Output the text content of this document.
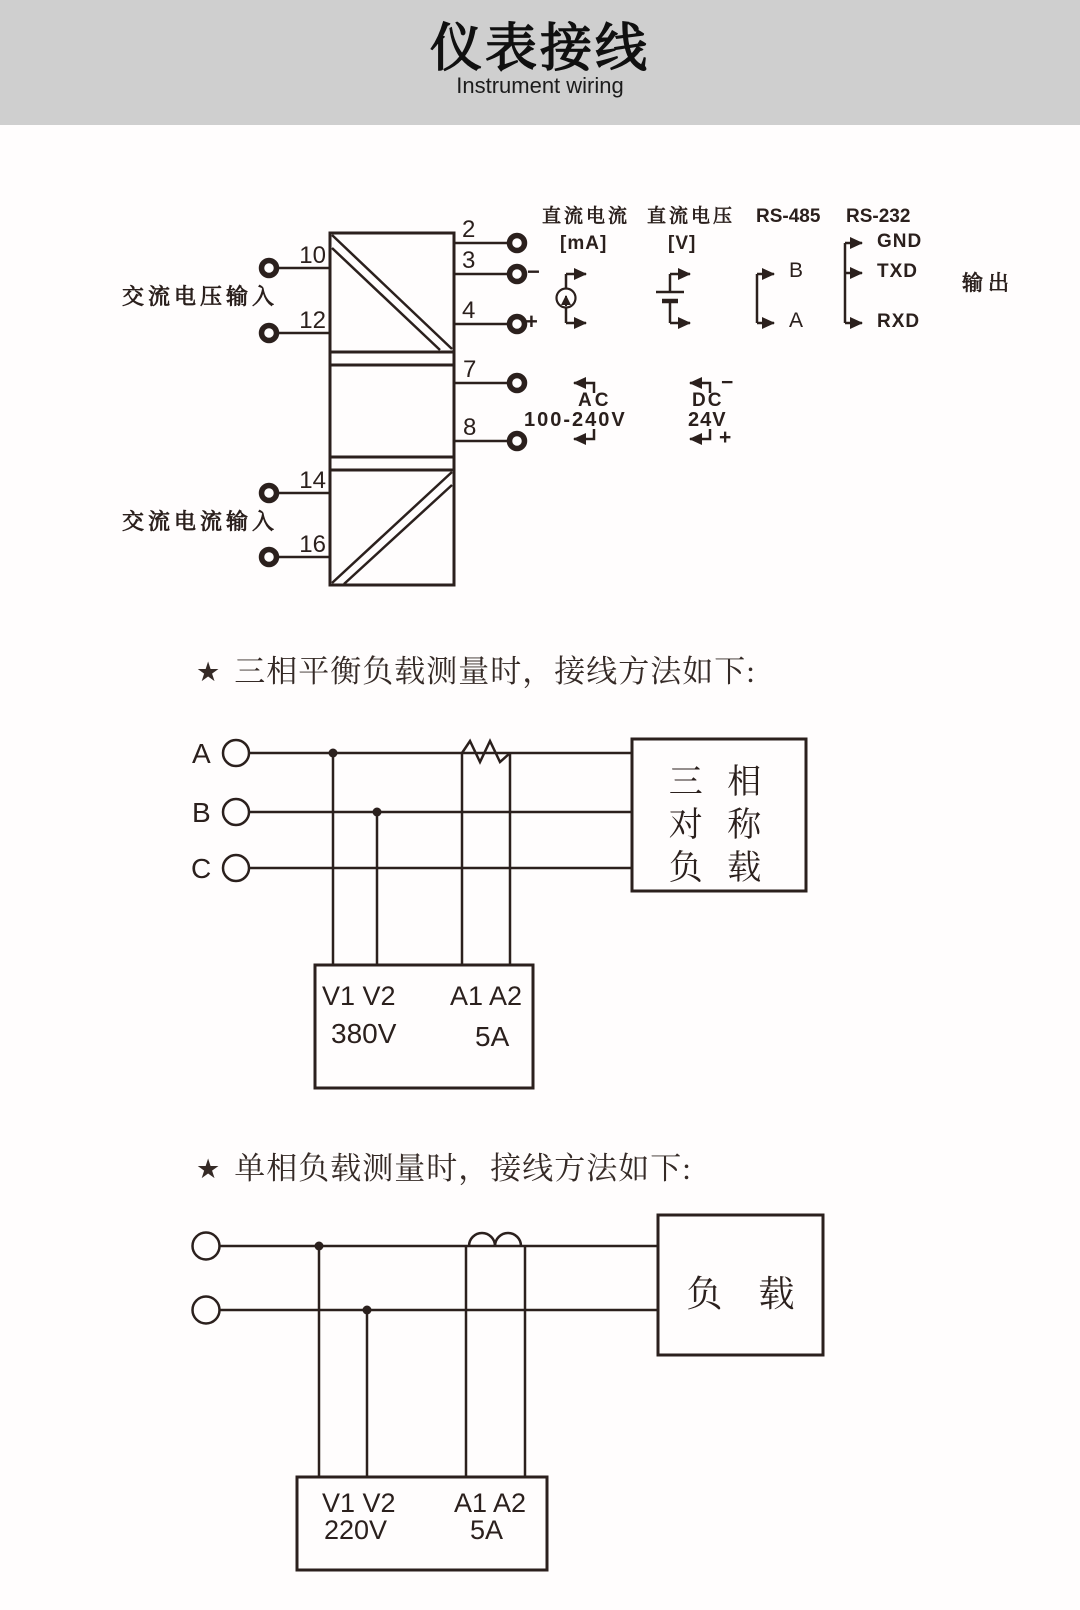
仪表接线
Instrument wiring
交流电压输入
交流电流输入
10
12
14
16
2
3
4
7
8
−
+
直流电流
[mA]
直流电压
[V]
RS-485 RS-232
B
A
GND
TXD
RXD
输出
AC
100-240V
DC
24V
−
+
★ 三相平衡负载测量时，接线方法如下:
A
B
C
三 相
对 称
负 载
V1 V2 A1 A2
380V	5A
★ 单相负载测量时，接线方法如下:
负　载
V1 V2 A1 A2
220V	5A
